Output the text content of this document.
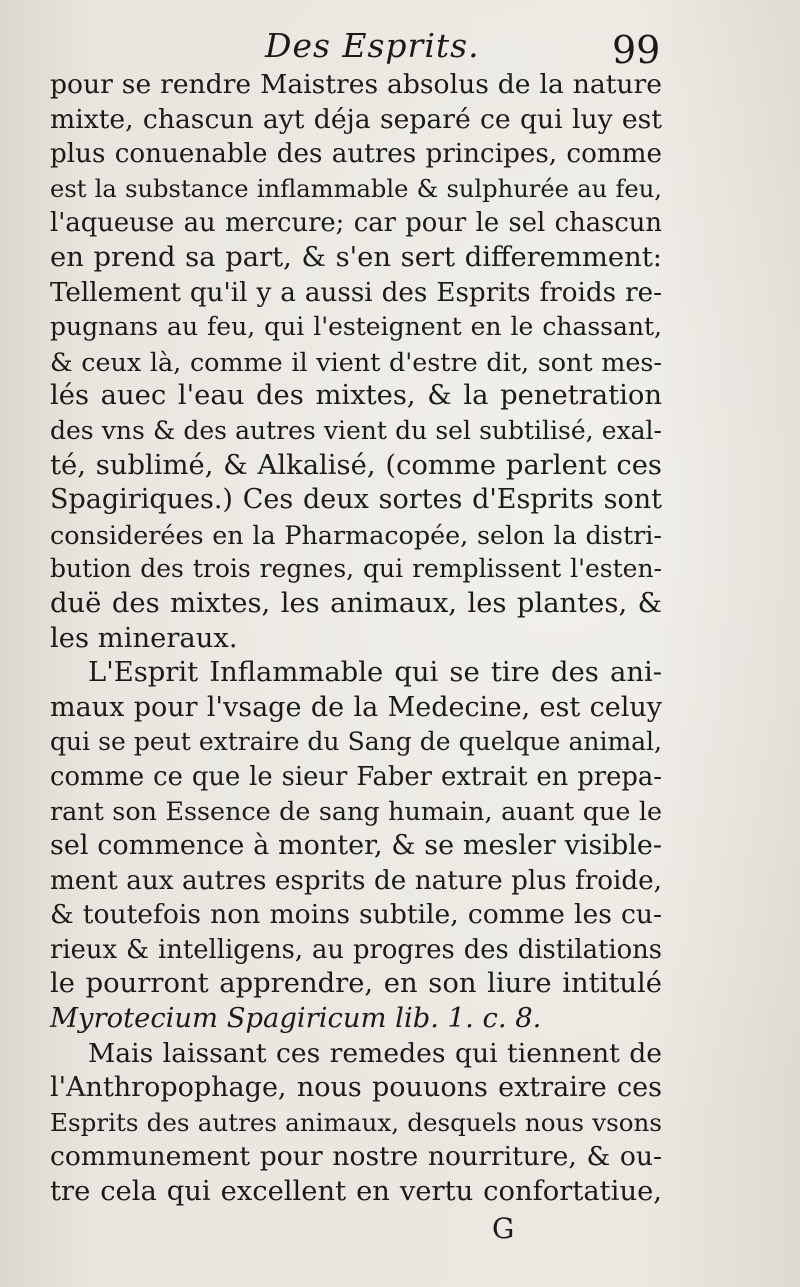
Des Esprits.	99
pour se rendre Maistres absolus de la nature
mixte, chascun ayt déja separé ce qui luy est
plus conuenable des autres principes, comme
est la substance inflammable & sulphurée au feu,
l'aqueuse au mercure; car pour le sel chascun
en prend sa part, & s'en sert differemment:
Tellement qu'il y a aussi des Esprits froids re-
pugnans au feu, qui l'esteignent en le chassant,
& ceux là, comme il vient d'estre dit, sont mes-
lés auec l'eau des mixtes, & la penetration
des vns & des autres vient du sel subtilisé, exal-
té, sublimé, & Alkalisé, (comme parlent ces
Spagiriques.) Ces deux sortes d'Esprits sont
considerées en la Pharmacopée, selon la distri-
bution des trois regnes, qui remplissent l'esten-
duë des mixtes, les animaux, les plantes, &
les mineraux.
L'Esprit Inflammable qui se tire des ani-
maux pour l'vsage de la Medecine, est celuy
qui se peut extraire du Sang de quelque animal,
comme ce que le sieur Faber extrait en prepa-
rant son Essence de sang humain, auant que le
sel commence à monter, & se mesler visible-
ment aux autres esprits de nature plus froide,
& toutefois non moins subtile, comme les cu-
rieux & intelligens, au progres des distilations
le pourront apprendre, en son liure intitulé
Myrotecium Spagiricum lib. 1. c. 8.
Mais laissant ces remedes qui tiennent de
l'Anthropophage, nous pouuons extraire ces
Esprits des autres animaux, desquels nous vsons
communement pour nostre nourriture, & ou-
tre cela qui excellent en vertu confortatiue,
G
